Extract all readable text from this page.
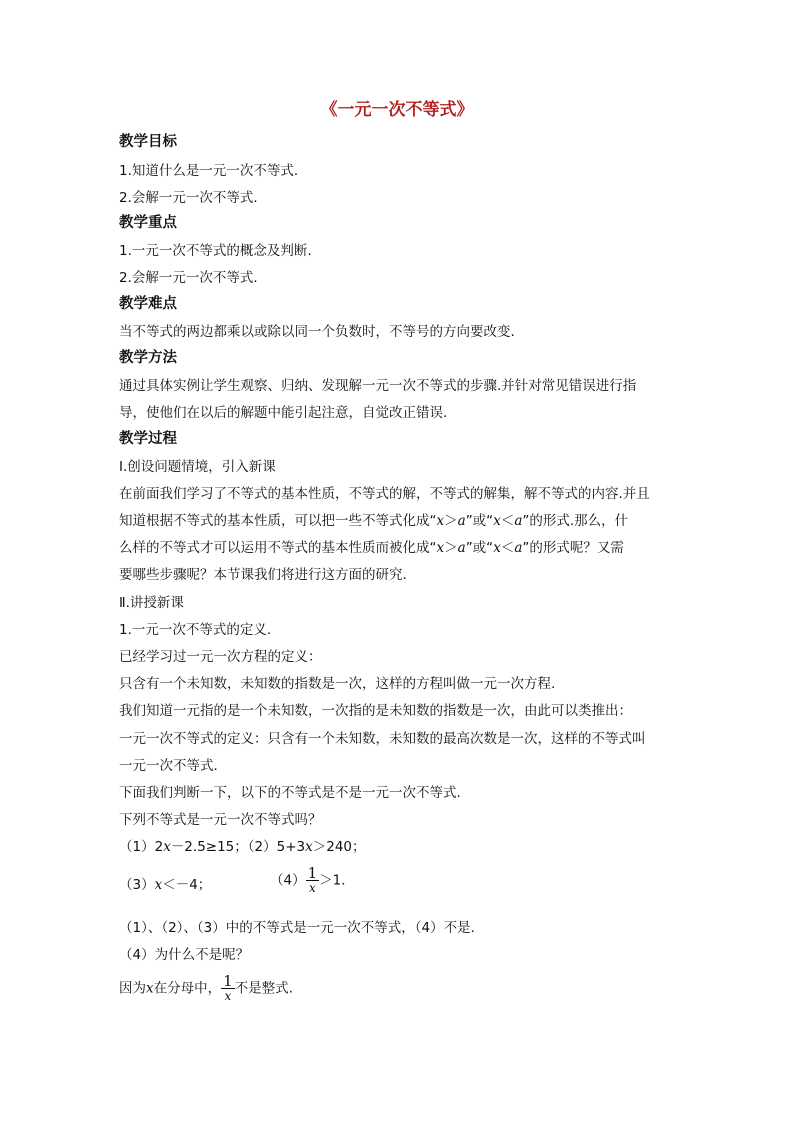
《一元一次不等式》
教学目标
1.知道什么是一元一次不等式.
2.会解一元一次不等式.
教学重点
1.一元一次不等式的概念及判断.
2.会解一元一次不等式.
教学难点
当不等式的两边都乘以或除以同一个负数时，不等号的方向要改变.
教学方法
通过具体实例让学生观察、归纳、发现解一元一次不等式的步骤.并针对常见错误进行指
导，使他们在以后的解题中能引起注意，自觉改正错误.
教学过程
Ⅰ.创设问题情境，引入新课
在前面我们学习了不等式的基本性质，不等式的解，不等式的解集，解不等式的内容.并且
知道根据不等式的基本性质，可以把一些不等式化成“x＞a”或“x＜a”的形式.那么，什
么样的不等式才可以运用不等式的基本性质而被化成“x＞a”或“x＜a”的形式呢？又需
要哪些步骤呢？本节课我们将进行这方面的研究.
Ⅱ.讲授新课
1.一元一次不等式的定义.
已经学习过一元一次方程的定义：
只含有一个未知数，未知数的指数是一次，这样的方程叫做一元一次方程.
我们知道一元指的是一个未知数，一次指的是未知数的指数是一次，由此可以类推出：
一元一次不等式的定义：只含有一个未知数，未知数的最高次数是一次，这样的不等式叫
一元一次不等式.
下面我们判断一下，以下的不等式是不是一元一次不等式.
下列不等式是一元一次不等式吗？
（1）2x－2.5≥15；（2）5+3x＞240；
（3）x＜－4；	$(4) \frac{1}{x} >1$.
（1）、（2）、（3）中的不等式是一元一次不等式，（4）不是.
（4）为什么不是呢？
因为x在分母中， $\frac{1}{x}$ 不是整式.
